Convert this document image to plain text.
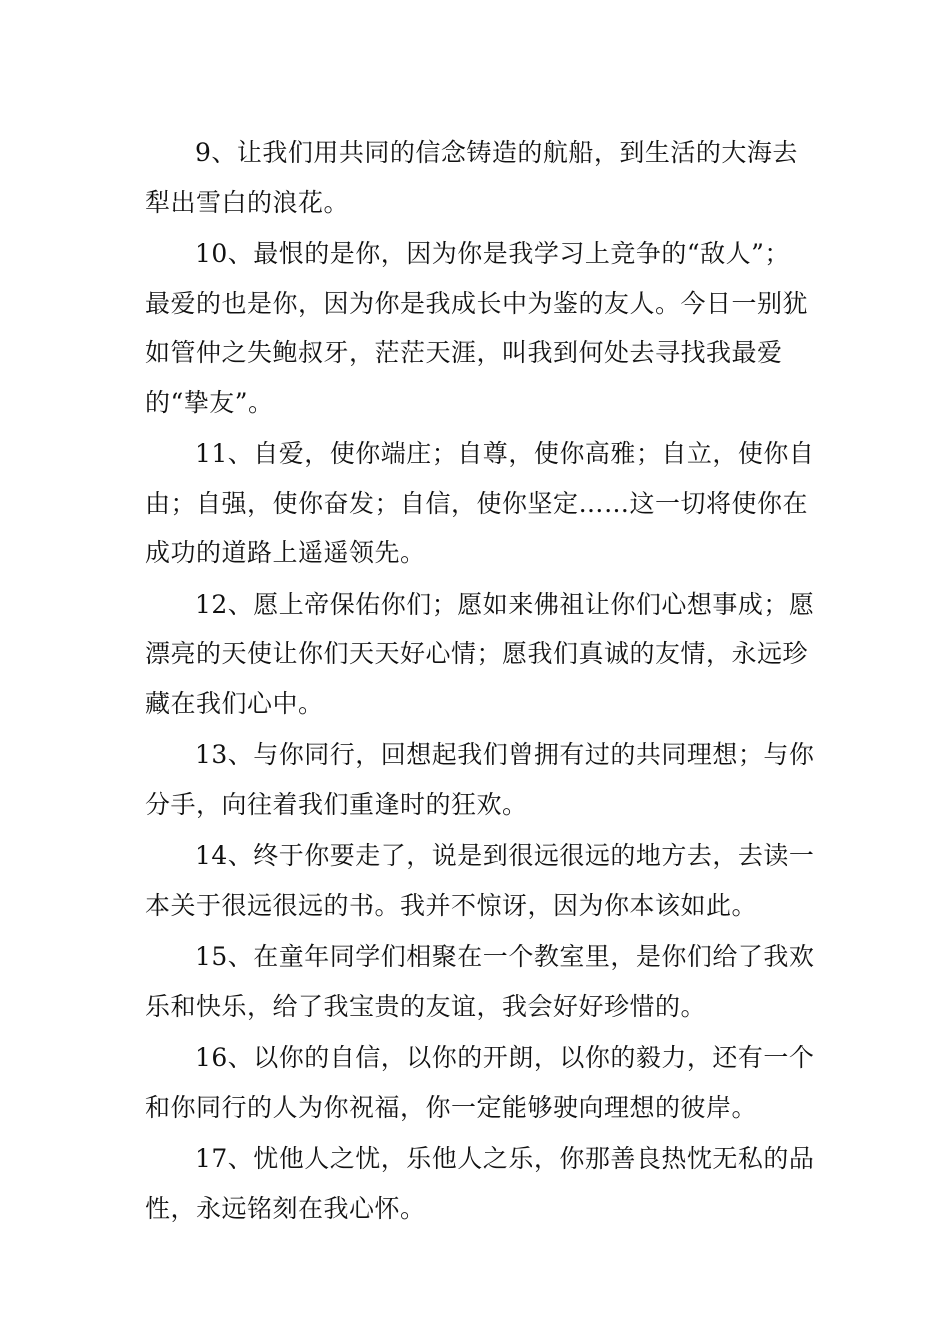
9、让我们用共同的信念铸造的航船，到生活的大海去犁出雪白的浪花。

10、最恨的是你，因为你是我学习上竞争的“敌人”；最爱的也是你，因为你是我成长中为鉴的友人。今日一别犹如管仲之失鲍叔牙，茫茫天涯，叫我到何处去寻找我最爱的“挚友”。

11、自爱，使你端庄；自尊，使你高雅；自立，使你自由；自强，使你奋发；自信，使你坚定……这一切将使你在成功的道路上遥遥领先。

12、愿上帝保佑你们；愿如来佛祖让你们心想事成；愿漂亮的天使让你们天天好心情；愿我们真诚的友情，永远珍藏在我们心中。

13、与你同行，回想起我们曾拥有过的共同理想；与你分手，向往着我们重逢时的狂欢。

14、终于你要走了，说是到很远很远的地方去，去读一本关于很远很远的书。我并不惊讶，因为你本该如此。

15、在童年同学们相聚在一个教室里，是你们给了我欢乐和快乐，给了我宝贵的友谊，我会好好珍惜的。

16、以你的自信，以你的开朗，以你的毅力，还有一个和你同行的人为你祝福，你一定能够驶向理想的彼岸。

17、忧他人之忧，乐他人之乐，你那善良热忱无私的品性，永远铭刻在我心怀。
